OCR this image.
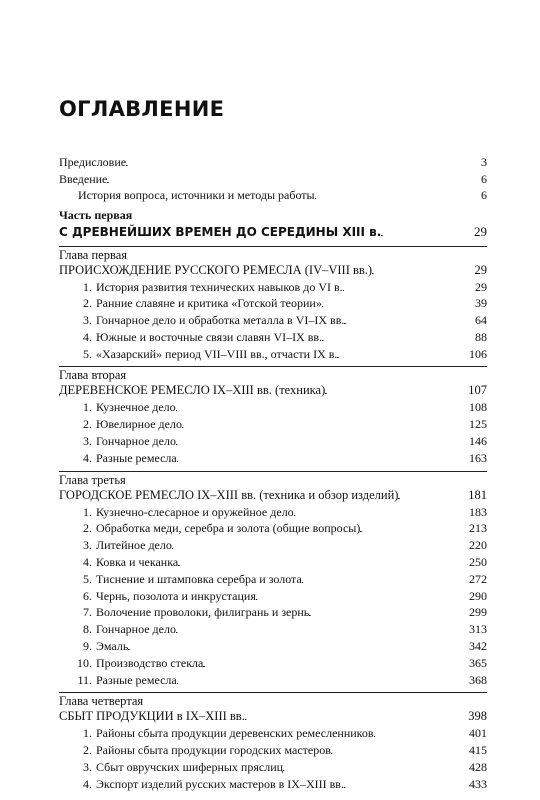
ОГЛАВЛЕНИЕ
Предисловие . . .	3
Введение . . .	6
История вопроса, источники и методы работы . . .	6
Часть первая
С ДРЕВНЕЙШИХ ВРЕМЕН ДО СЕРЕДИНЫ XIII в. . . .	29
Глава первая
ПРОИСХОЖДЕНИЕ РУССКОГО РЕМЕСЛА (IV–VIII вв.) . . .	29
1. История развития технических навыков до VI в. . . .	29
2. Ранние славяне и критика «Готской теории» . . .	39
3. Гончарное дело и обработка металла в VI–IX вв. . . .	64
4. Южные и восточные связи славян VI–IX вв. . . .	88
5. «Хазарский» период VII–VIII вв., отчасти IX в. . . .	106
Глава вторая
ДЕРЕВЕНСКОЕ РЕМЕСЛО IX–XIII вв. (техника) . . .	107
1. Кузнечное дело . . .	108
2. Ювелирное дело . . .	125
3. Гончарное дело . . .	146
4. Разные ремесла . . .	163
Глава третья
ГОРОДСКОЕ РЕМЕСЛО IX–XIII вв. (техника и обзор изделий) . . .	181
1. Кузнечно-слесарное и оружейное дело . . .	183
2. Обработка меди, серебра и золота (общие вопросы) . . .	213
3. Литейное дело . . .	220
4. Ковка и чеканка . . .	250
5. Тиснение и штамповка серебра и золота . . .	272
6. Чернь, позолота и инкрустация . . .	290
7. Волочение проволоки, филигрань и зернь . . .	299
8. Гончарное дело . . .	313
9. Эмаль . . .	342
10. Производство стекла . . .	365
11. Разные ремесла . . .	368
Глава четвертая
СБЫТ ПРОДУКЦИИ в IX–XIII вв. . . .	398
1. Районы сбыта продукции деревенских ремесленников . . .	401
2. Районы сбыта продукции городских мастеров . . .	415
3. Сбыт овручских шиферных пряслиц . . .	428
4. Экспорт изделий русских мастеров в IX–XIII вв. . . .	433
